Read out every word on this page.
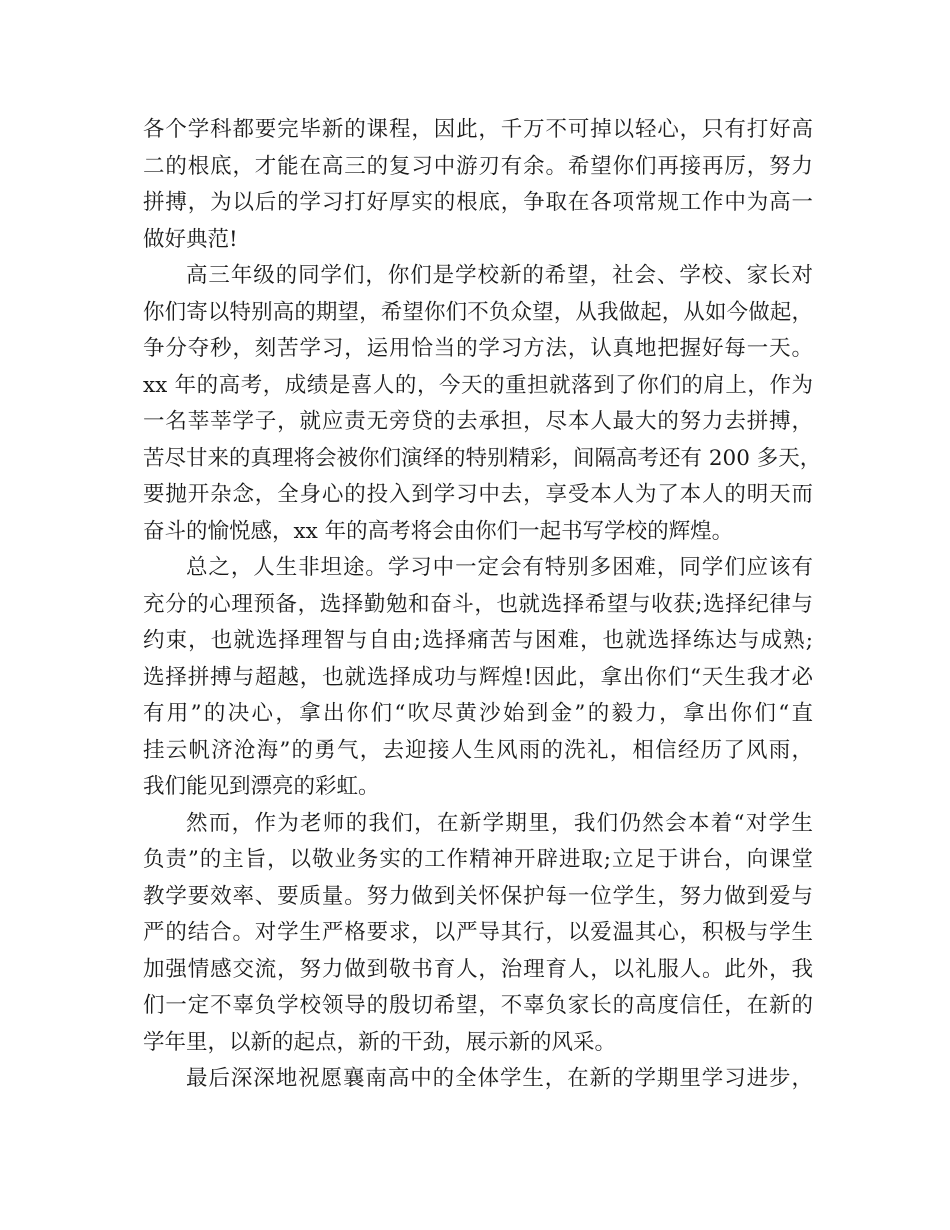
各个学科都要完毕新的课程，因此，千万不可掉以轻心，只有打好高
二的根底，才能在高三的复习中游刃有余。希望你们再接再厉，努力
拼搏，为以后的学习打好厚实的根底，争取在各项常规工作中为高一
做好典范!
高三年级的同学们，你们是学校新的希望，社会、学校、家长对
你们寄以特别高的期望，希望你们不负众望，从我做起，从如今做起，
争分夺秒，刻苦学习，运用恰当的学习方法，认真地把握好每一天。
xx 年的高考，成绩是喜人的，今天的重担就落到了你们的肩上，作为
一名莘莘学子，就应责无旁贷的去承担，尽本人最大的努力去拼搏，
苦尽甘来的真理将会被你们演绎的特别精彩，间隔高考还有 200 多天，
要抛开杂念，全身心的投入到学习中去，享受本人为了本人的明天而
奋斗的愉悦感，xx 年的高考将会由你们一起书写学校的辉煌。
总之，人生非坦途。学习中一定会有特别多困难，同学们应该有
充分的心理预备，选择勤勉和奋斗，也就选择希望与收获;选择纪律与
约束，也就选择理智与自由;选择痛苦与困难，也就选择练达与成熟;
选择拼搏与超越，也就选择成功与辉煌!因此，拿出你们“天生我才必
有用”的决心，拿出你们“吹尽黄沙始到金”的毅力，拿出你们“直
挂云帆济沧海”的勇气，去迎接人生风雨的洗礼，相信经历了风雨，
我们能见到漂亮的彩虹。
然而，作为老师的我们，在新学期里，我们仍然会本着“对学生
负责”的主旨，以敬业务实的工作精神开辟进取;立足于讲台，向课堂
教学要效率、要质量。努力做到关怀保护每一位学生，努力做到爱与
严的结合。对学生严格要求，以严导其行，以爱温其心，积极与学生
加强情感交流，努力做到敬书育人，治理育人，以礼服人。此外，我
们一定不辜负学校领导的殷切希望，不辜负家长的高度信任，在新的
学年里，以新的起点，新的干劲，展示新的风采。
最后深深地祝愿襄南高中的全体学生，在新的学期里学习进步，
